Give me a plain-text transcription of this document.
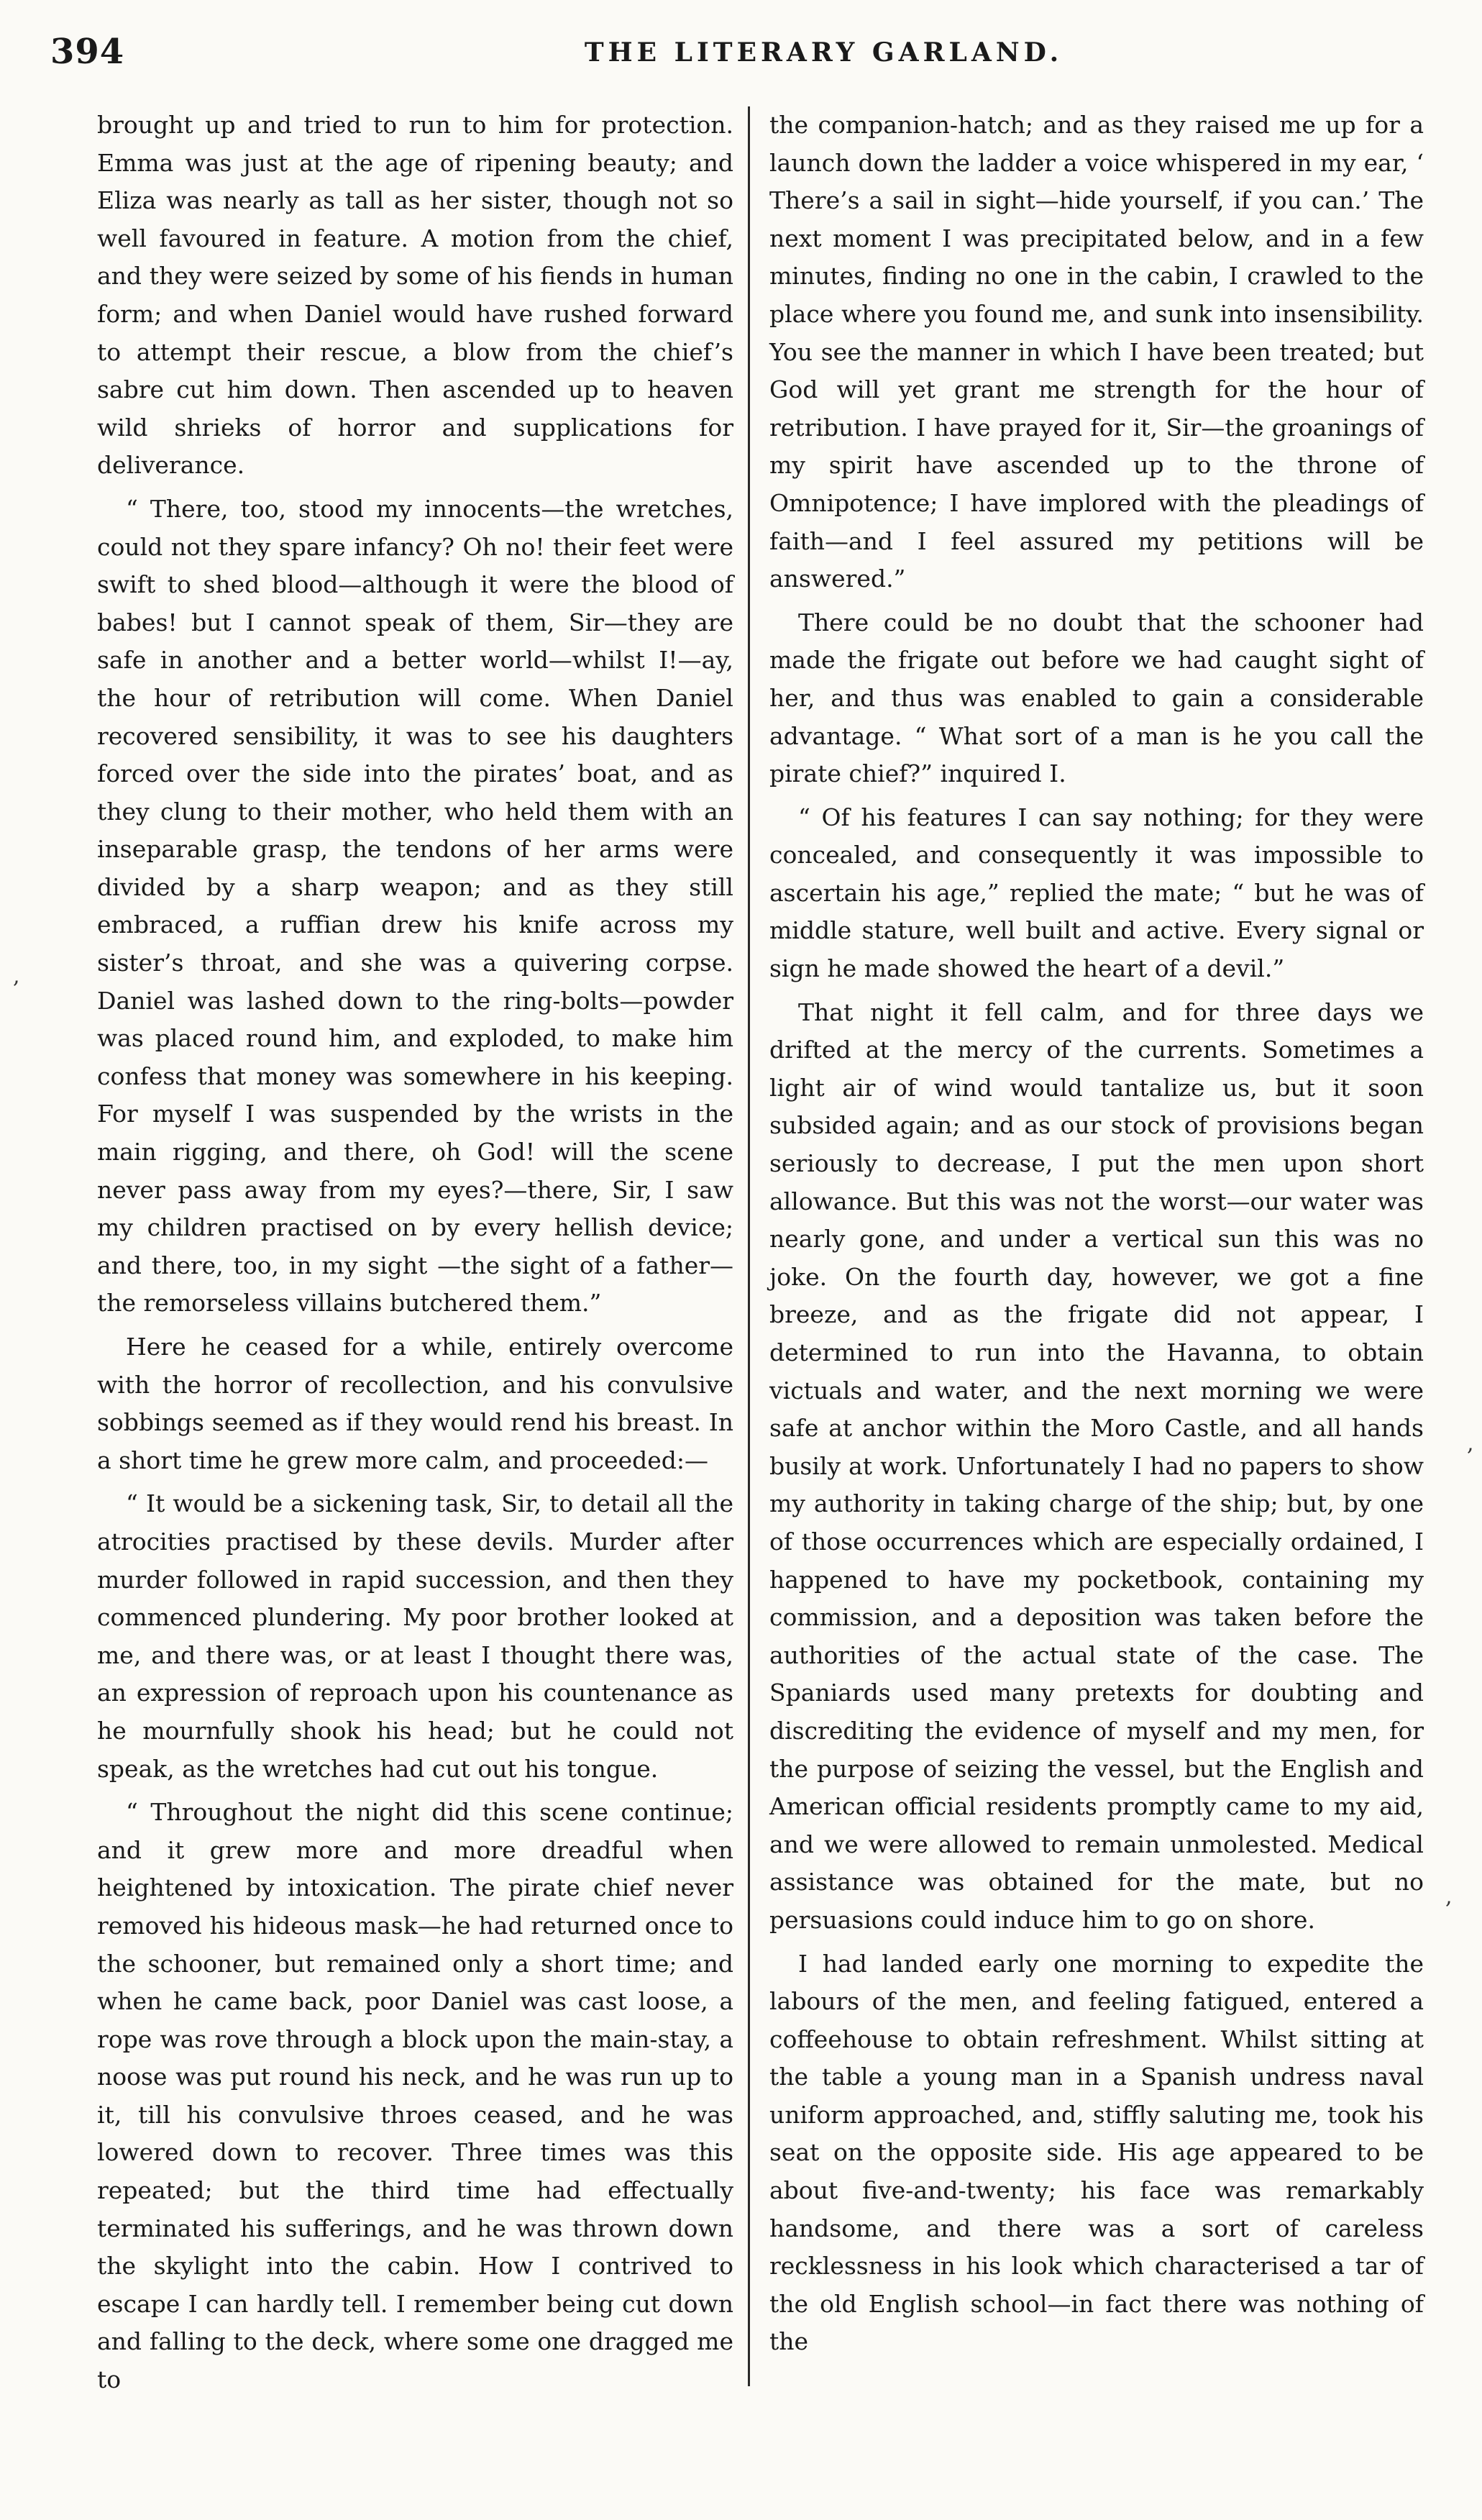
394	THE LITERARY GARLAND.

brought up and tried to run to him for protection. Emma was just at the age of ripening beauty; and Eliza was nearly as tall as her sister, though not so well favoured in feature. A motion from the chief, and they were seized by some of his fiends in human form; and when Daniel would have rushed forward to attempt their rescue, a blow from the chief’s sabre cut him down. Then ascended up to heaven wild shrieks of horror and supplications for deliverance.

“ There, too, stood my innocents—the wretches, could not they spare infancy? Oh no! their feet were swift to shed blood—although it were the blood of babes! but I cannot speak of them, Sir—they are safe in another and a better world—whilst I!—ay, the hour of retribution will come. When Daniel recovered sensibility, it was to see his daughters forced over the side into the pirates’ boat, and as they clung to their mother, who held them with an inseparable grasp, the tendons of her arms were divided by a sharp weapon; and as they still embraced, a ruffian drew his knife across my sister’s throat, and she was a quivering corpse. Daniel was lashed down to the ring-bolts—powder was placed round him, and exploded, to make him confess that money was somewhere in his keeping. For myself I was suspended by the wrists in the main rigging, and there, oh God! will the scene never pass away from my eyes?—there, Sir, I saw my children practised on by every hellish device; and there, too, in my sight —the sight of a father—the remorseless villains butchered them.”

Here he ceased for a while, entirely overcome with the horror of recollection, and his convulsive sobbings seemed as if they would rend his breast. In a short time he grew more calm, and proceeded:—

“ It would be a sickening task, Sir, to detail all the atrocities practised by these devils. Murder after murder followed in rapid succession, and then they commenced plundering. My poor brother looked at me, and there was, or at least I thought there was, an expression of reproach upon his countenance as he mournfully shook his head; but he could not speak, as the wretches had cut out his tongue.

“ Throughout the night did this scene continue; and it grew more and more dreadful when heightened by intoxication. The pirate chief never removed his hideous mask—he had returned once to the schooner, but remained only a short time; and when he came back, poor Daniel was cast loose, a rope was rove through a block upon the main-stay, a noose was put round his neck, and he was run up to it, till his convulsive throes ceased, and he was lowered down to recover. Three times was this repeated; but the third time had effectually terminated his sufferings, and he was thrown down the skylight into the cabin. How I contrived to escape I can hardly tell. I remember being cut down and falling to the deck, where some one dragged me to

the companion-hatch; and as they raised me up for a launch down the ladder a voice whispered in my ear, ‘ There’s a sail in sight—hide yourself, if you can.’ The next moment I was precipitated below, and in a few minutes, finding no one in the cabin, I crawled to the place where you found me, and sunk into insensibility. You see the manner in which I have been treated; but God will yet grant me strength for the hour of retribution. I have prayed for it, Sir—the groanings of my spirit have ascended up to the throne of Omnipotence; I have implored with the pleadings of faith—and I feel assured my petitions will be answered.”

There could be no doubt that the schooner had made the frigate out before we had caught sight of her, and thus was enabled to gain a considerable advantage. “ What sort of a man is he you call the pirate chief?” inquired I.

“ Of his features I can say nothing; for they were concealed, and consequently it was impossible to ascertain his age,” replied the mate; “ but he was of middle stature, well built and active. Every signal or sign he made showed the heart of a devil.”

That night it fell calm, and for three days we drifted at the mercy of the currents. Sometimes a light air of wind would tantalize us, but it soon subsided again; and as our stock of provisions began seriously to decrease, I put the men upon short allowance. But this was not the worst—our water was nearly gone, and under a vertical sun this was no joke. On the fourth day, however, we got a fine breeze, and as the frigate did not appear, I determined to run into the Havanna, to obtain victuals and water, and the next morning we were safe at anchor within the Moro Castle, and all hands busily at work. Unfortunately I had no papers to show my authority in taking charge of the ship; but, by one of those occurrences which are especially ordained, I happened to have my pocketbook, containing my commission, and a deposition was taken before the authorities of the actual state of the case. The Spaniards used many pretexts for doubting and discrediting the evidence of myself and my men, for the purpose of seizing the vessel, but the English and American official residents promptly came to my aid, and we were allowed to remain unmolested. Medical assistance was obtained for the mate, but no persuasions could induce him to go on shore.

I had landed early one morning to expedite the labours of the men, and feeling fatigued, entered a coffeehouse to obtain refreshment. Whilst sitting at the table a young man in a Spanish undress naval uniform approached, and, stiffly saluting me, took his seat on the opposite side. His age appeared to be about five-and-twenty; his face was remarkably handsome, and there was a sort of careless recklessness in his look which characterised a tar of the old English school—in fact there was nothing of the

,
,
,
